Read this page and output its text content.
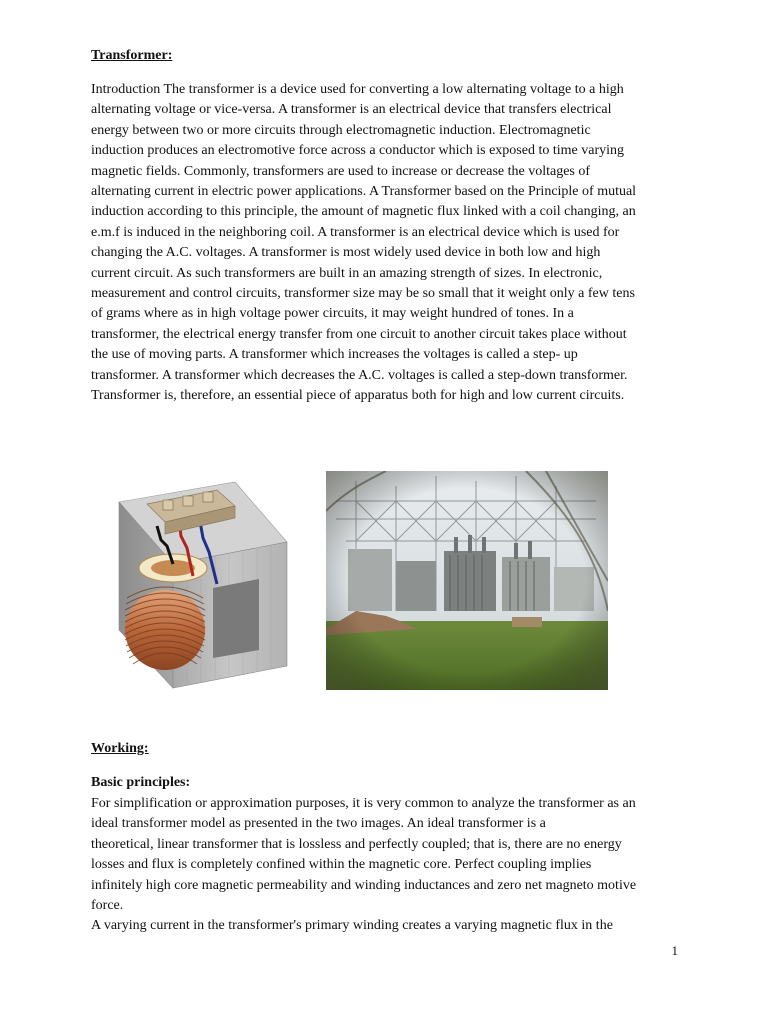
Transformer:
Introduction The transformer is a device used for converting a low alternating voltage to a high
alternating voltage or vice-versa. A transformer is an electrical device that transfers electrical
energy between two or more circuits through electromagnetic induction. Electromagnetic
induction produces an electromotive force across a conductor which is exposed to time varying
magnetic fields. Commonly, transformers are used to increase or decrease the voltages of
alternating current in electric power applications. A Transformer based on the Principle of mutual
induction according to this principle, the amount of magnetic flux linked with a coil changing, an
e.m.f is induced in the neighboring coil. A transformer is an electrical device which is used for
changing the A.C. voltages. A transformer is most widely used device in both low and high
current circuit. As such transformers are built in an amazing strength of sizes. In electronic,
measurement and control circuits, transformer size may be so small that it weight only a few tens
of grams where as in high voltage power circuits, it may weight hundred of tones. In a
transformer, the electrical energy transfer from one circuit to another circuit takes place without
the use of moving parts. A transformer which increases the voltages is called a step- up
transformer. A transformer which decreases the A.C. voltages is called a step-down transformer.
Transformer is, therefore, an essential piece of apparatus both for high and low current circuits.
Working:
Basic principles:
For simplification or approximation purposes, it is very common to analyze the transformer as an
ideal transformer model as presented in the two images. An ideal transformer is a
theoretical, linear transformer that is lossless and perfectly coupled; that is, there are no energy
losses and flux is completely confined within the magnetic core. Perfect coupling implies
infinitely high core magnetic permeability and winding inductances and zero net magneto motive
force.
A varying current in the transformer's primary winding creates a varying magnetic flux in the
1
